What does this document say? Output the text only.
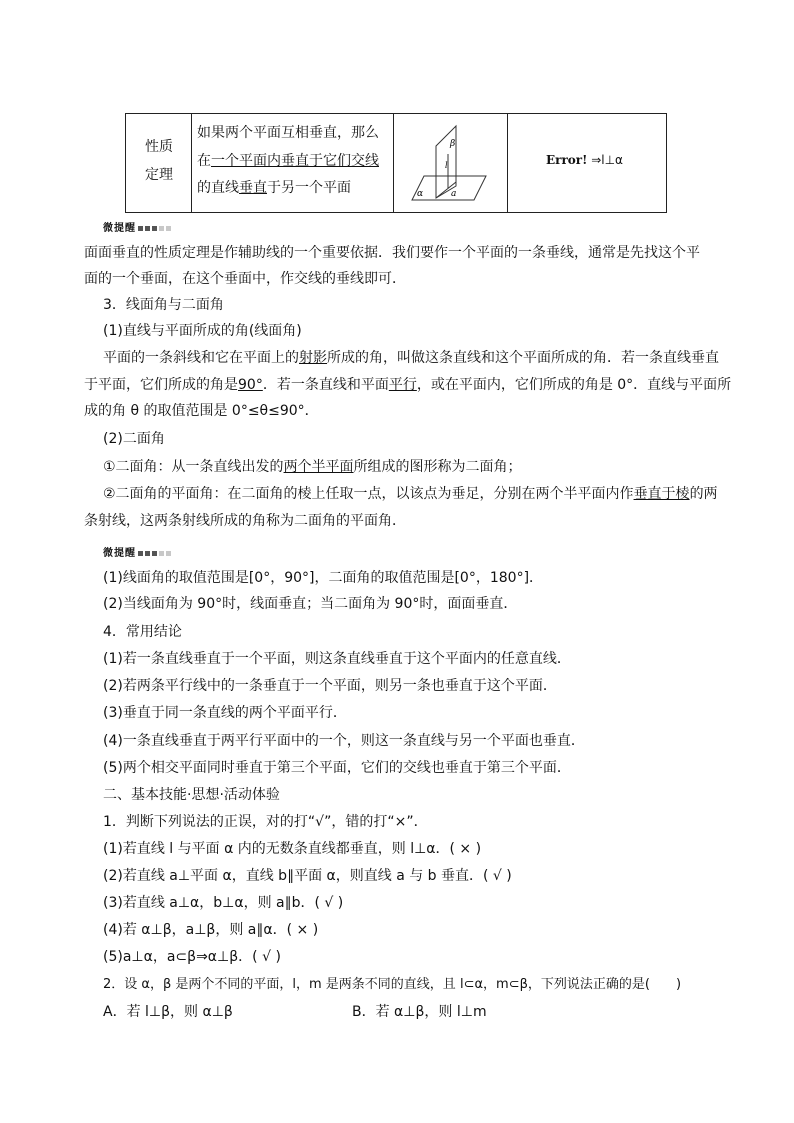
性质
定理
如果两个平面互相垂直，那么
在一个平面内垂直于它们交线
的直线垂直于另一个平面
β
l
α	a
Error! ⇒l⊥α
微提醒
面面垂直的性质定理是作辅助线的一个重要依据．我们要作一个平面的一条垂线，通常是先找这个平
面的一个垂面，在这个垂面中，作交线的垂线即可．
3．线面角与二面角
(1)直线与平面所成的角(线面角)
平面的一条斜线和它在平面上的射影所成的角，叫做这条直线和这个平面所成的角．若一条直线垂直
于平面，它们所成的角是90°．若一条直线和平面平行，或在平面内，它们所成的角是 0°．直线与平面所
成的角 θ 的取值范围是 0°≤θ≤90°．
(2)二面角
①二面角：从一条直线出发的两个半平面所组成的图形称为二面角；
②二面角的平面角：在二面角的棱上任取一点，以该点为垂足，分别在两个半平面内作垂直于棱的两
条射线，这两条射线所成的角称为二面角的平面角．
微提醒
(1)线面角的取值范围是[0°，90°]，二面角的取值范围是[0°，180°]．
(2)当线面角为 90°时，线面垂直；当二面角为 90°时，面面垂直．
4．常用结论
(1)若一条直线垂直于一个平面，则这条直线垂直于这个平面内的任意直线．
(2)若两条平行线中的一条垂直于一个平面，则另一条也垂直于这个平面．
(3)垂直于同一条直线的两个平面平行．
(4)一条直线垂直于两平行平面中的一个，则这一条直线与另一个平面也垂直．
(5)两个相交平面同时垂直于第三个平面，它们的交线也垂直于第三个平面．
二、基本技能·思想·活动体验
1．判断下列说法的正误，对的打“√”，错的打“×”．
(1)若直线 l 与平面 α 内的无数条直线都垂直，则 l⊥α．( × )
(2)若直线 a⊥平面 α，直线 b∥平面 α，则直线 a 与 b 垂直．( √ )
(3)若直线 a⊥α，b⊥α，则 a∥b．( √ )
(4)若 α⊥β，a⊥β，则 a∥α．( × )
(5)a⊥α，a⊂β⇒α⊥β．( √ )
2．设 α，β 是两个不同的平面，l，m 是两条不同的直线，且 l⊂α，m⊂β，下列说法正确的是(　　)
A．若 l⊥β，则 α⊥β	B．若 α⊥β，则 l⊥m
